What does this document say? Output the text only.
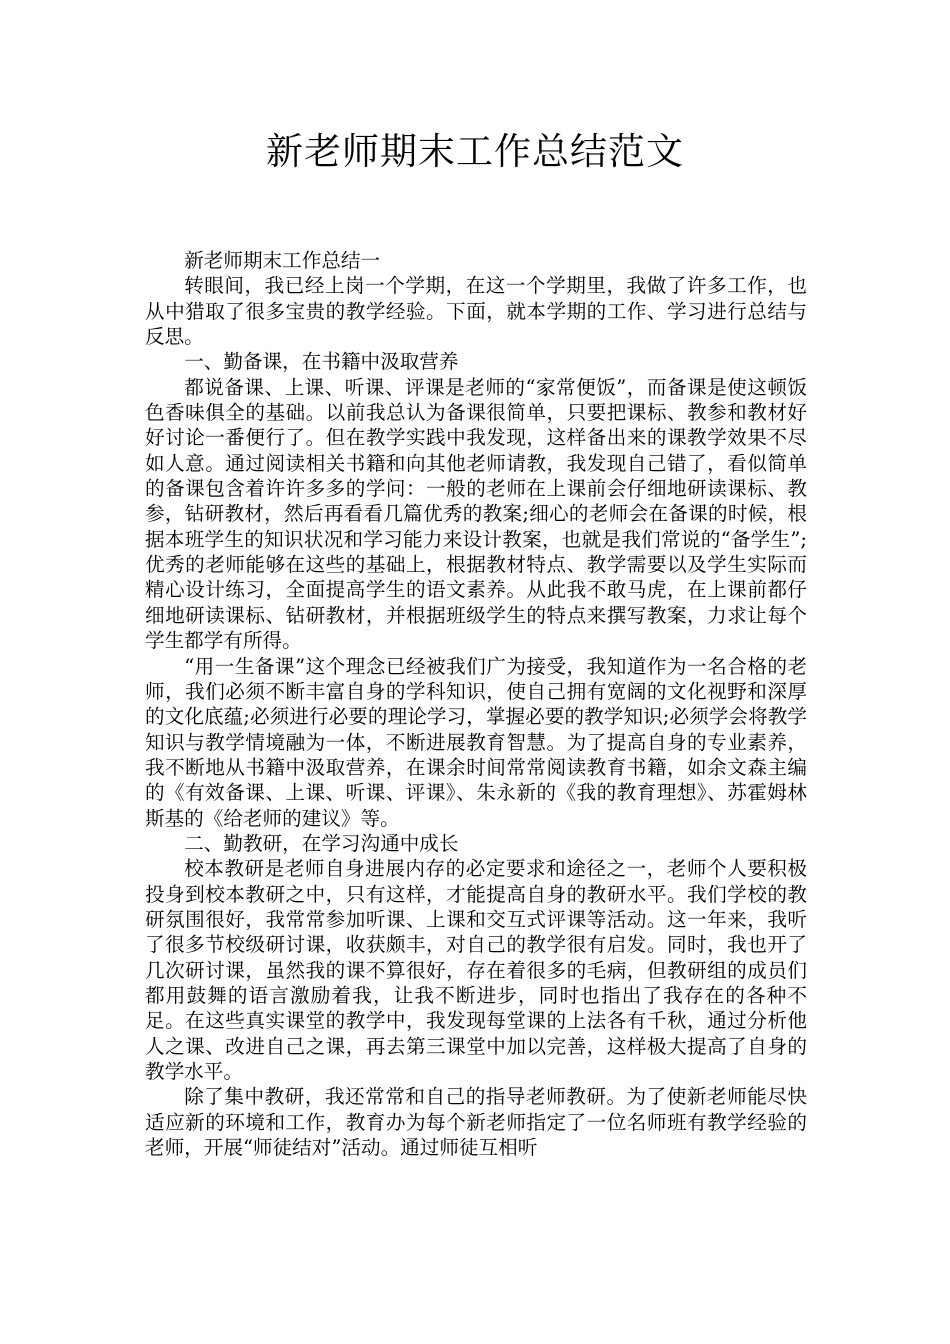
新老师期末工作总结范文

新老师期末工作总结一

转眼间，我已经上岗一个学期，在这一个学期里，我做了许多工作，也从中猎取了很多宝贵的教学经验。下面，就本学期的工作、学习进行总结与反思。

一、勤备课，在书籍中汲取营养

都说备课、上课、听课、评课是老师的“家常便饭”，而备课是使这顿饭色香味俱全的基础。以前我总认为备课很简单，只要把课标、教参和教材好好讨论一番便行了。但在教学实践中我发现，这样备出来的课教学效果不尽如人意。通过阅读相关书籍和向其他老师请教，我发现自己错了，看似简单的备课包含着许许多多的学问：一般的老师在上课前会仔细地研读课标、教参，钻研教材，然后再看看几篇优秀的教案;细心的老师会在备课的时候，根据本班学生的知识状况和学习能力来设计教案，也就是我们常说的“备学生”;优秀的老师能够在这些的基础上，根据教材特点、教学需要以及学生实际而精心设计练习，全面提高学生的语文素养。从此我不敢马虎，在上课前都仔细地研读课标、钻研教材，并根据班级学生的特点来撰写教案，力求让每个学生都学有所得。

“用一生备课”这个理念已经被我们广为接受，我知道作为一名合格的老师，我们必须不断丰富自身的学科知识，使自己拥有宽阔的文化视野和深厚的文化底蕴;必须进行必要的理论学习，掌握必要的教学知识;必须学会将教学知识与教学情境融为一体，不断进展教育智慧。为了提高自身的专业素养，我不断地从书籍中汲取营养，在课余时间常常阅读教育书籍，如余文森主编的《有效备课、上课、听课、评课》、朱永新的《我的教育理想》、苏霍姆林斯基的《给老师的建议》等。

二、勤教研，在学习沟通中成长

校本教研是老师自身进展内存的必定要求和途径之一，老师个人要积极投身到校本教研之中，只有这样，才能提高自身的教研水平。我们学校的教研氛围很好，我常常参加听课、上课和交互式评课等活动。这一年来，我听了很多节校级研讨课，收获颇丰，对自己的教学很有启发。同时，我也开了几次研讨课，虽然我的课不算很好，存在着很多的毛病，但教研组的成员们都用鼓舞的语言激励着我，让我不断进步，同时也指出了我存在的各种不足。在这些真实课堂的教学中，我发现每堂课的上法各有千秋，通过分析他人之课、改进自己之课，再去第三课堂中加以完善，这样极大提高了自身的教学水平。

除了集中教研，我还常常和自己的指导老师教研。为了使新老师能尽快适应新的环境和工作，教育办为每个新老师指定了一位名师班有教学经验的老师，开展“师徒结对”活动。通过师徒互相听
